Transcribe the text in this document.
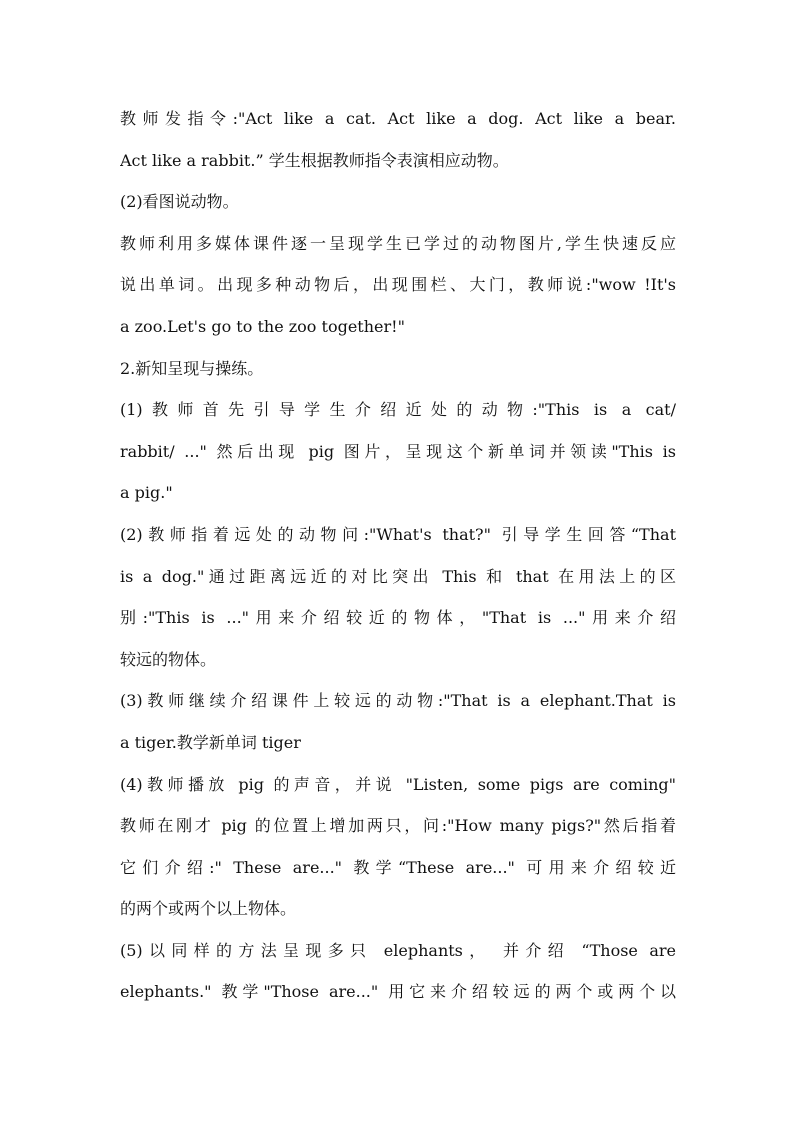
教师发指令:"Act like a cat. Act like a dog. Act like a bear.
Act like a rabbit.” 学生根据教师指令表演相应动物。
(2)看图说动物。
教师利用多媒体课件逐一呈现学生已学过的动物图片,学生快速反应
说出单词。出现多种动物后，出现围栏、大门，教师说:"wow !It's
a zoo.Let's go to the zoo together!"
2.新知呈现与操练。
(1)教师首先引导学生介绍近处的动物:"This is a cat/
rabbit/ ..." 然后出现 pig 图片，呈现这个新单词并领读"This is
a pig."
(2)教师指着远处的动物问:"What's that?" 引导学生回答“That
is a dog."通过距离远近的对比突出 This 和 that 在用法上的区
别:"This is ..."用来介绍较近的物体，"That is ..."用来介绍
较远的物体。
(3)教师继续介绍课件上较远的动物:"That is a elephant.That is
a tiger.教学新单词 tiger
(4)教师播放 pig 的声音，并说 "Listen, some pigs are coming"
教师在刚才 pig 的位置上增加两只，问:"How many pigs?"然后指着
它们介绍:" These are..." 教学“These are..." 可用来介绍较近
的两个或两个以上物体。
(5)以同样的方法呈现多只 elephants， 并介绍 “Those are
elephants." 教学"Those are..." 用它来介绍较远的两个或两个以
